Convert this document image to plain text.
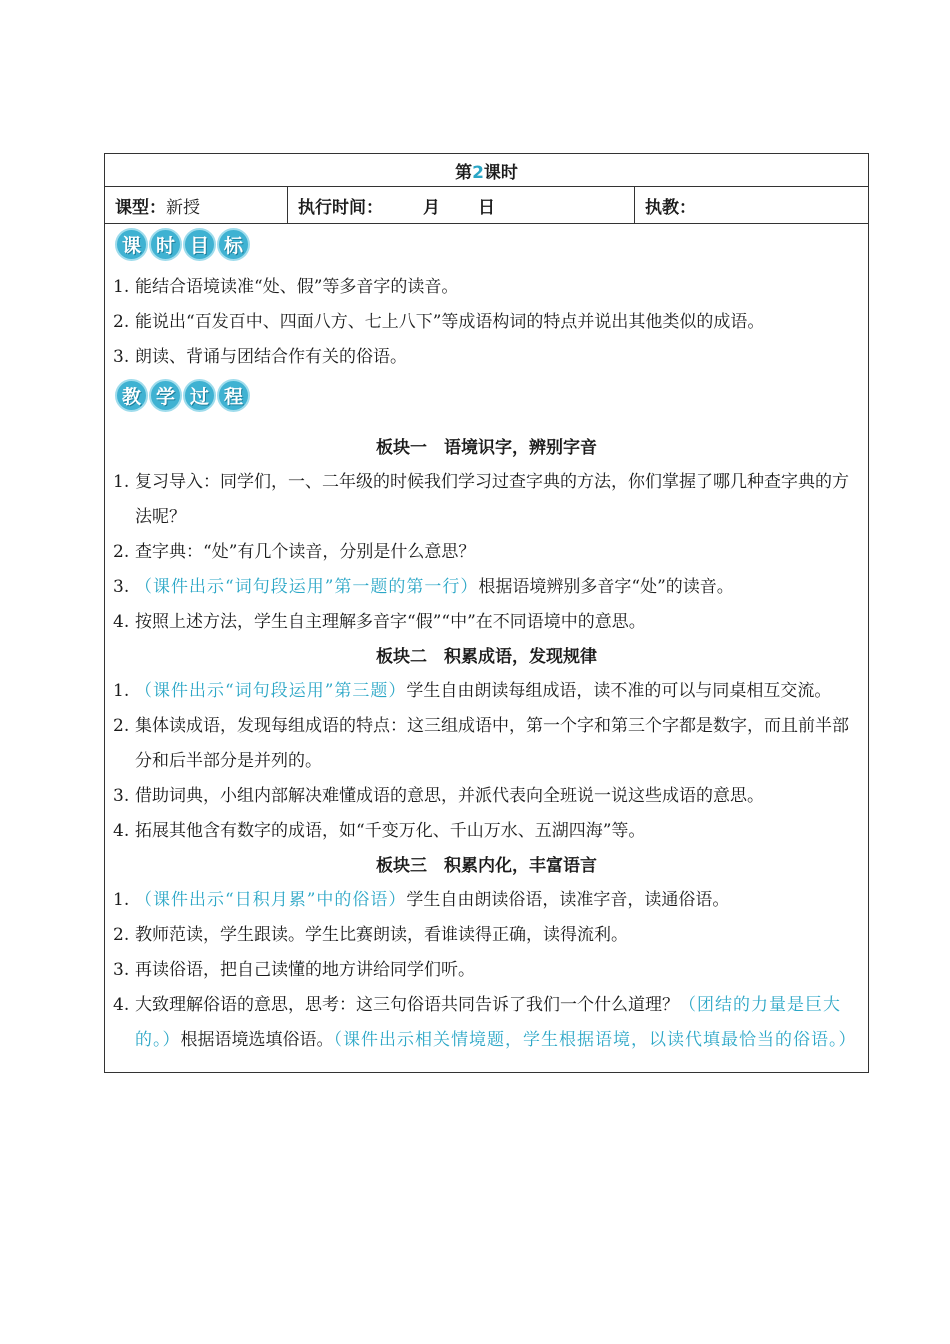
第2课时
课型： 新授	执行时间： 月 日	执教：
课 时 目 标
1. 能结合语境读准“处、假”等多音字的读音。
2. 能说出“百发百中、四面八方、七上八下”等成语构词的特点并说出其他类似的成语。
3. 朗读、背诵与团结合作有关的俗语。
教 学 过 程
板块一　语境识字，辨别字音
1. 复习导入：同学们，一、二年级的时候我们学习过查字典的方法，你们掌握了哪几种查字典的方法呢？
2. 查字典：“处”有几个读音，分别是什么意思？
3. （课件出示“词句段运用”第一题的第一行）根据语境辨别多音字“处”的读音。
4. 按照上述方法，学生自主理解多音字“假”“中”在不同语境中的意思。
板块二　积累成语，发现规律
1. （课件出示“词句段运用”第三题）学生自由朗读每组成语，读不准的可以与同桌相互交流。
2. 集体读成语，发现每组成语的特点：这三组成语中，第一个字和第三个字都是数字，而且前半部分和后半部分是并列的。
3. 借助词典，小组内部解决难懂成语的意思，并派代表向全班说一说这些成语的意思。
4. 拓展其他含有数字的成语，如“千变万化、千山万水、五湖四海”等。
板块三　积累内化，丰富语言
1. （课件出示“日积月累”中的俗语）学生自由朗读俗语，读准字音，读通俗语。
2. 教师范读，学生跟读。学生比赛朗读，看谁读得正确，读得流利。
3. 再读俗语，把自己读懂的地方讲给同学们听。
4. 大致理解俗语的意思，思考：这三句俗语共同告诉了我们一个什么道理？（团结的力量是巨大的。）根据语境选填俗语。（课件出示相关情境题，学生根据语境，以读代填最恰当的俗语。）
